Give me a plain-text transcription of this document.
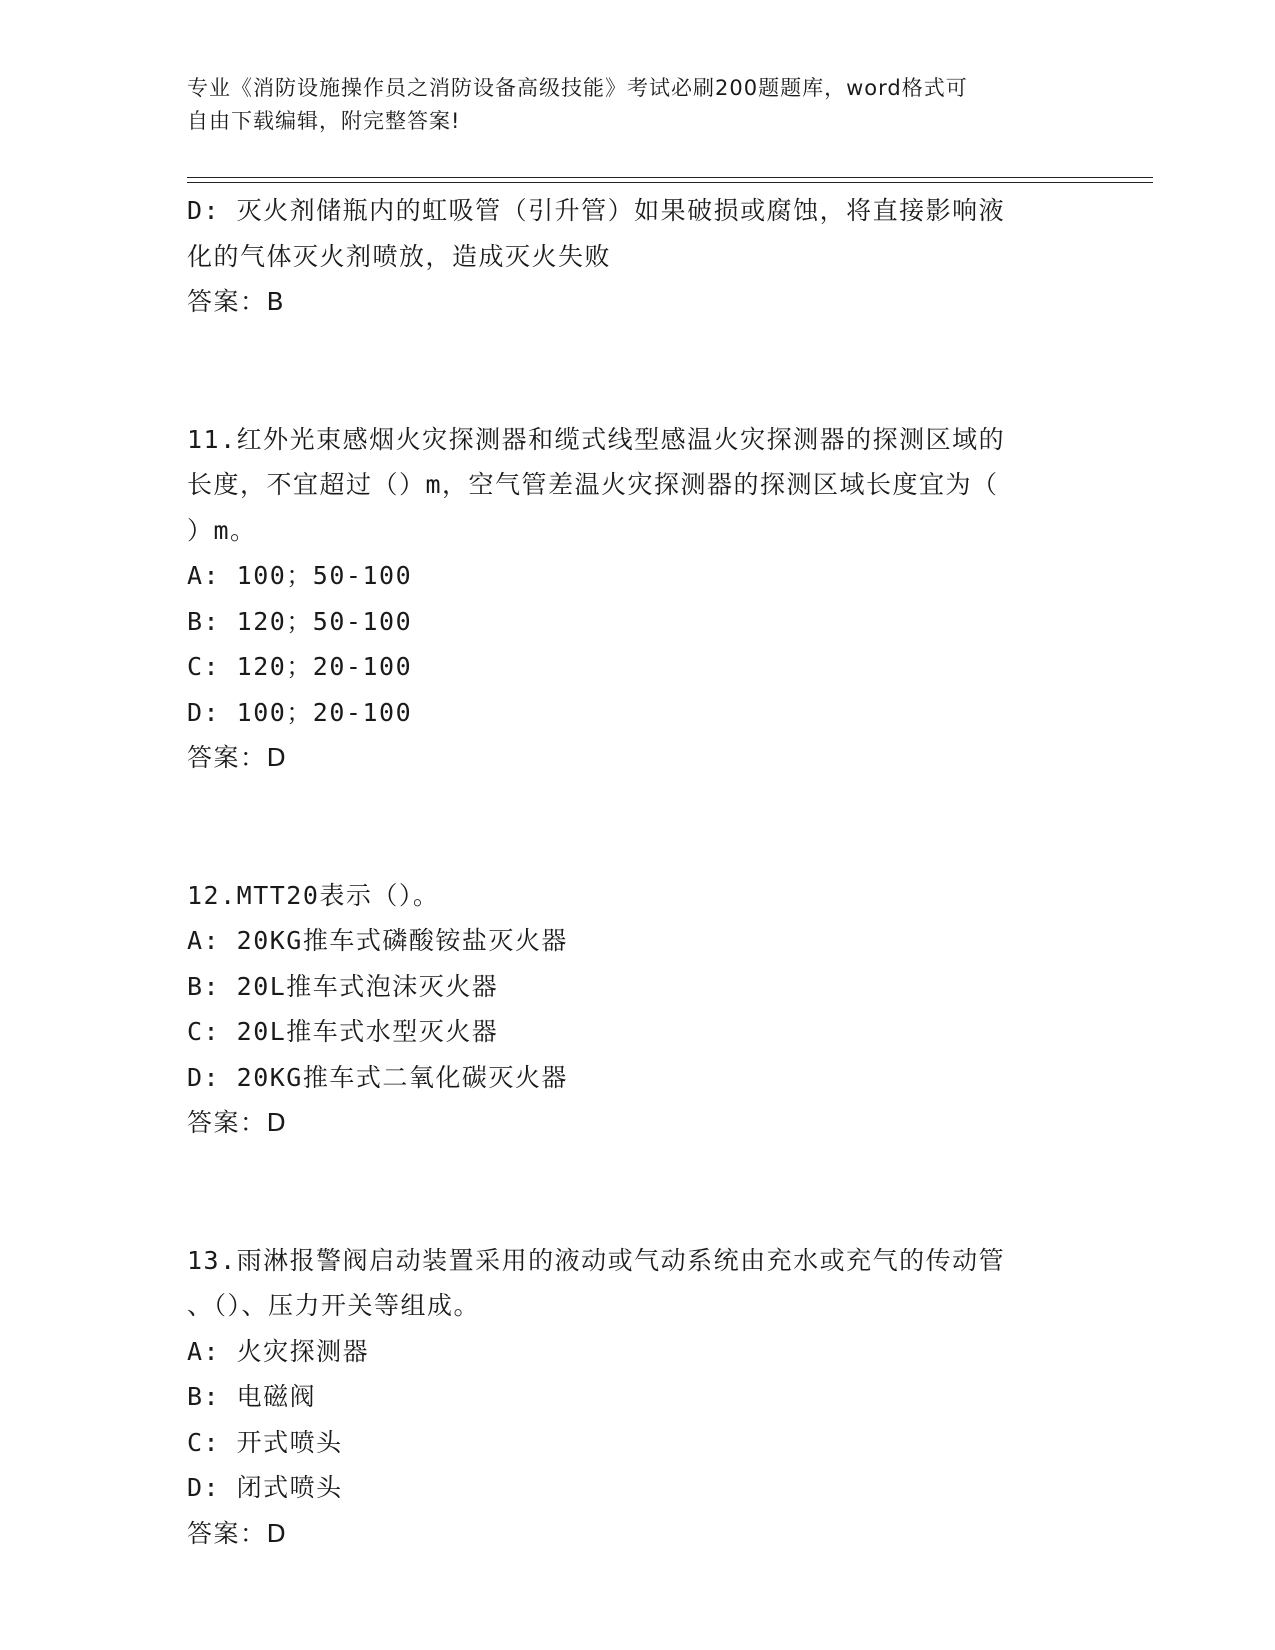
专业《消防设施操作员之消防设备高级技能》考试必刷200题题库，word格式可
自由下载编辑，附完整答案!
D: 灭火剂储瓶内的虹吸管（引升管）如果破损或腐蚀，将直接影响液
化的气体灭火剂喷放，造成灭火失败
答案：B
11.红外光束感烟火灾探测器和缆式线型感温火灾探测器的探测区域的
长度，不宜超过（）m，空气管差温火灾探测器的探测区域长度宜为（
）m。
A: 100；50-100
B: 120；50-100
C: 120；20-100
D: 100；20-100
答案：D
12.MTT20表示（）。
A: 20KG推车式磷酸铵盐灭火器
B: 20L推车式泡沫灭火器
C: 20L推车式水型灭火器
D: 20KG推车式二氧化碳灭火器
答案：D
13.雨淋报警阀启动装置采用的液动或气动系统由充水或充气的传动管
、（）、压力开关等组成。
A: 火灾探测器
B: 电磁阀
C: 开式喷头
D: 闭式喷头
答案：D
